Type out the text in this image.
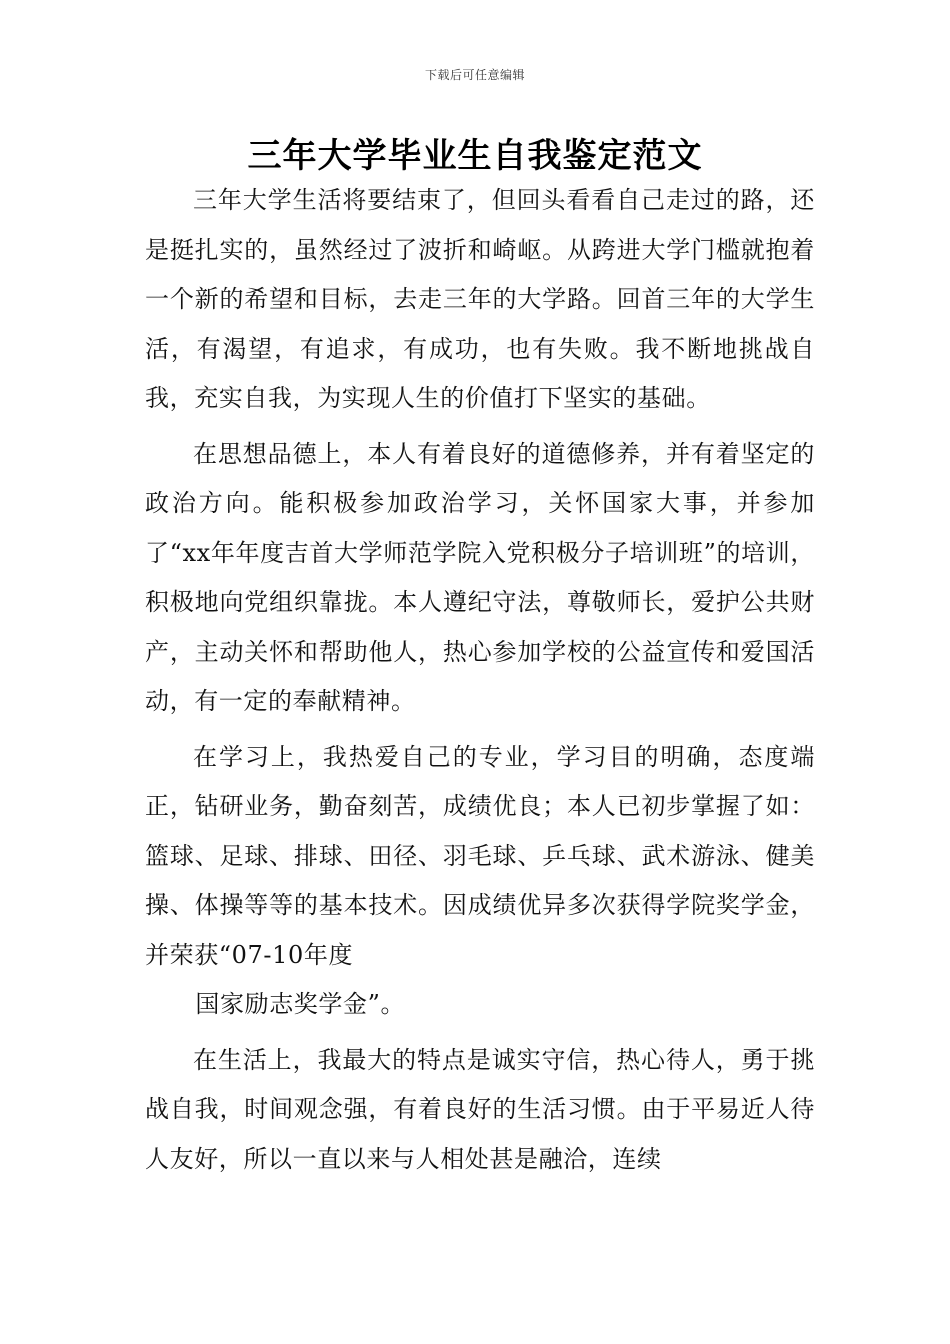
下载后可任意编辑
三年大学毕业生自我鉴定范文

三年大学生活将要结束了，但回头看看自己走过的路，还是挺扎实的，虽然经过了波折和崎岖。从跨进大学门槛就抱着一个新的希望和目标，去走三年的大学路。回首三年的大学生活，有渴望，有追求，有成功，也有失败。我不断地挑战自我，充实自我，为实现人生的价值打下坚实的基础。

在思想品德上，本人有着良好的道德修养，并有着坚定的政治方向。能积极参加政治学习，关怀国家大事，并参加了“xx年年度吉首大学师范学院入党积极分子培训班”的培训，积极地向党组织靠拢。本人遵纪守法，尊敬师长，爱护公共财产，主动关怀和帮助他人，热心参加学校的公益宣传和爱国活动，有一定的奉献精神。

在学习上，我热爱自己的专业，学习目的明确，态度端正，钻研业务，勤奋刻苦，成绩优良；本人已初步掌握了如：篮球、足球、排球、田径、羽毛球、乒乓球、武术游泳、健美操、体操等等的基本技术。因成绩优异多次获得学院奖学金，并荣获“07-10年度

国家励志奖学金”。

在生活上，我最大的特点是诚实守信，热心待人，勇于挑战自我，时间观念强，有着良好的生活习惯。由于平易近人待人友好，所以一直以来与人相处甚是融洽，连续
